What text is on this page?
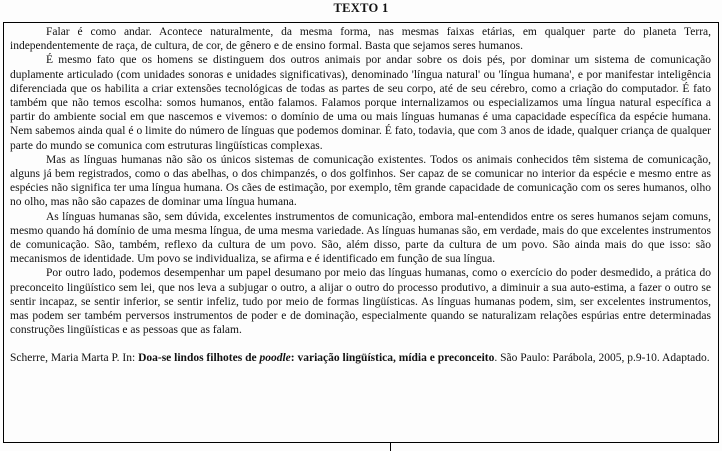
TEXTO 1

Falar é como andar. Acontece naturalmente, da mesma forma, nas mesmas faixas etárias, em qualquer parte do planeta Terra, independentemente de raça, de cultura, de cor, de gênero e de ensino formal. Basta que sejamos seres humanos.

É mesmo fato que os homens se distinguem dos outros animais por andar sobre os dois pés, por dominar um sistema de comunicação duplamente articulado (com unidades sonoras e unidades significativas), denominado 'língua natural' ou 'língua humana', e por manifestar inteligência diferenciada que os habilita a criar extensões tecnológicas de todas as partes de seu corpo, até de seu cérebro, como a criação do computador. É fato também que não temos escolha: somos humanos, então falamos. Falamos porque internalizamos ou especializamos uma língua natural específica a partir do ambiente social em que nascemos e vivemos: o domínio de uma ou mais línguas humanas é uma capacidade específica da espécie humana. Nem sabemos ainda qual é o limite do número de línguas que podemos dominar. É fato, todavia, que com 3 anos de idade, qualquer criança de qualquer parte do mundo se comunica com estruturas lingüísticas complexas.

Mas as línguas humanas não são os únicos sistemas de comunicação existentes. Todos os animais conhecidos têm sistema de comunicação, alguns já bem registrados, como o das abelhas, o dos chimpanzés, o dos golfinhos. Ser capaz de se comunicar no interior da espécie e mesmo entre as espécies não significa ter uma língua humana. Os cães de estimação, por exemplo, têm grande capacidade de comunicação com os seres humanos, olho no olho, mas não são capazes de dominar uma língua humana.

As línguas humanas são, sem dúvida, excelentes instrumentos de comunicação, embora mal-entendidos entre os seres humanos sejam comuns, mesmo quando há domínio de uma mesma língua, de uma mesma variedade. As línguas humanas são, em verdade, mais do que excelentes instrumentos de comunicação. São, também, reflexo da cultura de um povo. São, além disso, parte da cultura de um povo. São ainda mais do que isso: são mecanismos de identidade. Um povo se individualiza, se afirma e é identificado em função de sua língua.

Por outro lado, podemos desempenhar um papel desumano por meio das línguas humanas, como o exercício do poder desmedido, a prática do preconceito lingüístico sem lei, que nos leva a subjugar o outro, a alijar o outro do processo produtivo, a diminuir a sua auto-estima, a fazer o outro se sentir incapaz, se sentir inferior, se sentir infeliz, tudo por meio de formas lingüísticas. As línguas humanas podem, sim, ser excelentes instrumentos, mas podem ser também perversos instrumentos de poder e de dominação, especialmente quando se naturalizam relações espúrias entre determinadas construções lingüísticas e as pessoas que as falam.

Scherre, Maria Marta P. In: Doa-se lindos filhotes de poodle: variação lingüística, mídia e preconceito. São Paulo: Parábola, 2005, p.9-10. Adaptado.
